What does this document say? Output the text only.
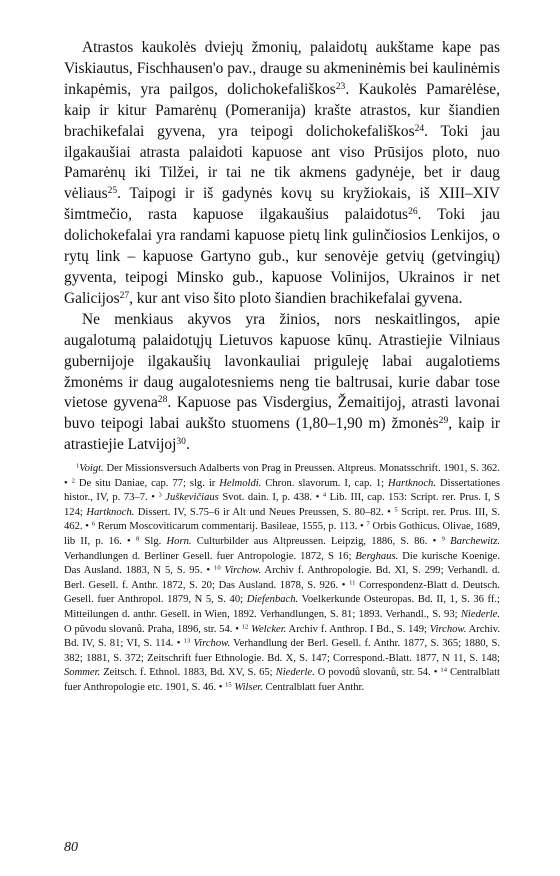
Atrastos kaukolės dviejų žmonių, palaidotų aukštame kape pas Viskiautus, Fischhausen'o pav., drauge su akmeninėmis bei kaulinėmis inkapėmis, yra pailgos, dolichokefališkos$^{23}$. Kaukolės Pamarėlėse, kaip ir kitur Pamarėnų (Pomeranija) krašte atrastos, kur šiandien brachikefalai gyvena, yra teipogi dolichokefališkos$^{24}$. Toki jau ilgakaušiai atrasta palaidoti kapuose ant viso Prūsijos ploto, nuo Pamarėnų iki Tilžei, ir tai ne tik akmens gadynėje, bet ir daug vėliaus$^{25}$. Taipogi ir iš gadynės kovų su kryžiokais, iš XIII–XIV šimtmečio, rasta kapuose ilgakaušius palaidotus$^{26}$. Toki jau dolichokefalai yra randami kapuose pietų link gulinčiosios Lenkijos, o rytų link – kapuose Gartyno gub., kur senovėje getvių (getvingių) gyventa, teipogi Minsko gub., kapuose Volinijos, Ukrainos ir net Galicijos$^{27}$, kur ant viso šito ploto šiandien brachikefalai gyvena.

Ne menkiaus akyvos yra žinios, nors neskaitlingos, apie augalotumą palaidotųjų Lietuvos kapuose kūnų. Atrastiejie Vilniaus gubernijoje ilgakaušių lavonkauliai priguleję labai augalotiems žmonėms ir daug augalotesniems neng tie baltrusai, kurie dabar tose vietose gyvena$^{28}$. Kapuose pas Visdergius, Žemaitijoj, atrasti lavonai buvo teipogi labai aukšto stuomens (1,80–1,90 m) žmonės$^{29}$, kaip ir atrastiejie Latvijoj$^{30}$.

$^1$Voigt. Der Missionsversuch Adalberts von Prag in Preussen. Altpreus. Monatsschrift. 1901, S. 362. • $^2$ De situ Daniae, cap. 77; slg. ir Helmoldi. Chron. slavorum. I, cap. 1; Hartknoch. Dissertationes histor., IV, p. 73–7. • $^3$ Juškevičiaus Svot. dain. I, p. 438. • $^4$ Lib. III, cap. 153: Script. rer. Prus. I, S 124; Hartknoch. Dissert. IV, S.75–6 ir Alt und Neues Preussen, S. 80–82. • $^5$ Script. rer. Prus. III, S. 462. • $^6$ Rerum Moscoviticarum commentarij. Basileae, 1555, p. 113. • $^7$ Orbis Gothicus. Olivae, 1689, lib II, p. 16. • $^8$ Slg. Horn. Culturbilder aus Altpreussen. Leipzig, 1886, S. 86. • $^9$ Barchewitz. Verhandlungen d. Berliner Gesell. fuer Antropologie. 1872, S 16; Berghaus. Die kurische Koenige. Das Ausland. 1883, N 5, S. 95. • $^{10}$ Virchow. Archiv f. Anthropologie. Bd. XI, S. 299; Verhandl. d. Berl. Gesell. f. Anthr. 1872, S. 20; Das Ausland. 1878, S. 926. • $^{11}$ Correspondenz-Blatt d. Deutsch. Gesell. fuer Anthropol. 1879, N 5, S. 40; Diefenbach. Voelkerkunde Osteuropas. Bd. II, 1, S. 36 ff.; Mitteilungen d. anthr. Gesell. in Wien, 1892. Verhandlungen, S. 81; 1893. Verhandl., S. 93; Niederle. O pŭvodu slovanů. Praha, 1896, str. 54. • $^{12}$ Welcker. Archiv f. Anthrop. I Bd., S. 149; Virchow. Archiv. Bd. IV, S. 81; VI, S. 114. • $^{13}$ Virchow. Verhandlung der Berl. Gesell. f. Anthr. 1877, S. 365; 1880, S. 382; 1881, S. 372; Zeitschrift fuer Ethnologie. Bd. X, S. 147; Correspond.-Blatt. 1877, N 11, S. 148; Sommer. Zeitsch. f. Ethnol. 1883, Bd. XV, S. 65; Niederle. O povodů slovanů, str. 54. • $^{14}$ Centralblatt fuer Anthropologie etc. 1901, S. 46. • $^{15}$ Wilser. Centralblatt fuer Anthr.

80
